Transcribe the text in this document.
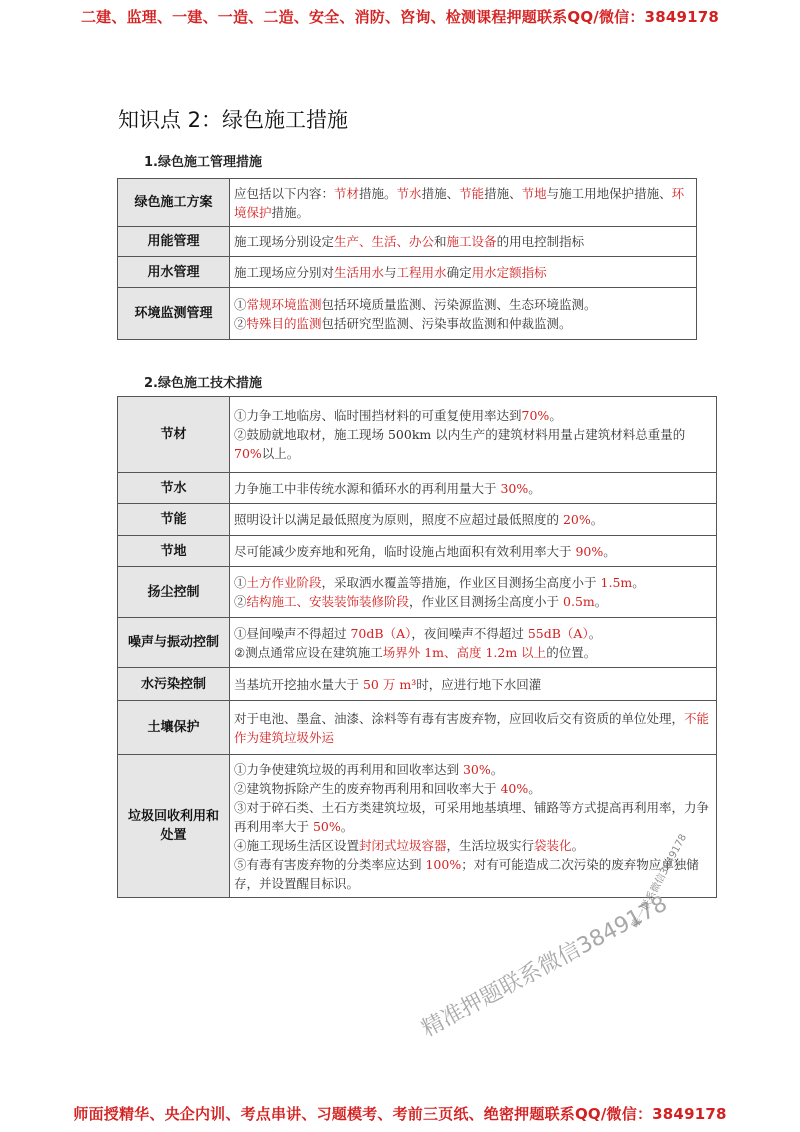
二建、监理、一建、一造、二造、安全、消防、咨询、检测课程押题联系QQ/微信：3849178
知识点 2：绿色施工措施
1.绿色施工管理措施
绿色施工方案	应包括以下内容：节材措施。节水措施、节能措施、节地与施工用地保护措施、环境保护措施。
用能管理	施工现场分别设定生产、生活、办公和施工设备的用电控制指标
用水管理	施工现场应分别对生活用水与工程用水确定用水定额指标
环境监测管理	①常规环境监测包括环境质量监测、污染源监测、生态环境监测。
②特殊目的监测包括研究型监测、污染事故监测和仲裁监测。
2.绿色施工技术措施
节材	①力争工地临房、临时围挡材料的可重复使用率达到70%。
②鼓励就地取材，施工现场 500km 以内生产的建筑材料用量占建筑材料总重量的 70%以上。
节水	力争施工中非传统水源和循环水的再利用量大于 30%。
节能	照明设计以满足最低照度为原则，照度不应超过最低照度的 20%。
节地	尽可能减少废弃地和死角，临时设施占地面积有效利用率大于 90%。
扬尘控制	①土方作业阶段，采取洒水覆盖等措施，作业区目测扬尘高度小于 1.5m。
②结构施工、安装装饰装修阶段，作业区目测扬尘高度小于 0.5m。
噪声与振动控制	①昼间噪声不得超过 70dB（A），夜间噪声不得超过 55dB（A）。
②测点通常应设在建筑施工场界外 1m、高度 1.2m 以上的位置。
水污染控制	当基坑开挖抽水量大于 50 万 m³时，应进行地下水回灌
土壤保护	对于电池、墨盒、油漆、涂料等有毒有害废弃物，应回收后交有资质的单位处理，不能作为建筑垃圾外运
垃圾回收利用和处置	①力争使建筑垃圾的再利用和回收率达到 30%。
②建筑物拆除产生的废弃物再利用和回收率大于 40%。
③对于碎石类、土石方类建筑垃圾，可采用地基填埋、铺路等方式提高再利用率，力争再利用率大于 50%。
④施工现场生活区设置封闭式垃圾容器，生活垃圾实行袋装化。
⑤有毒有害废弃物的分类率应达到 100%；对有可能造成二次污染的废弃物应单独储存，并设置醒目标识。
精准押题联系微信3849178
唯一联系微信3849178
师面授精华、央企内训、考点串讲、习题模考、考前三页纸、绝密押题联系QQ/微信：3849178
